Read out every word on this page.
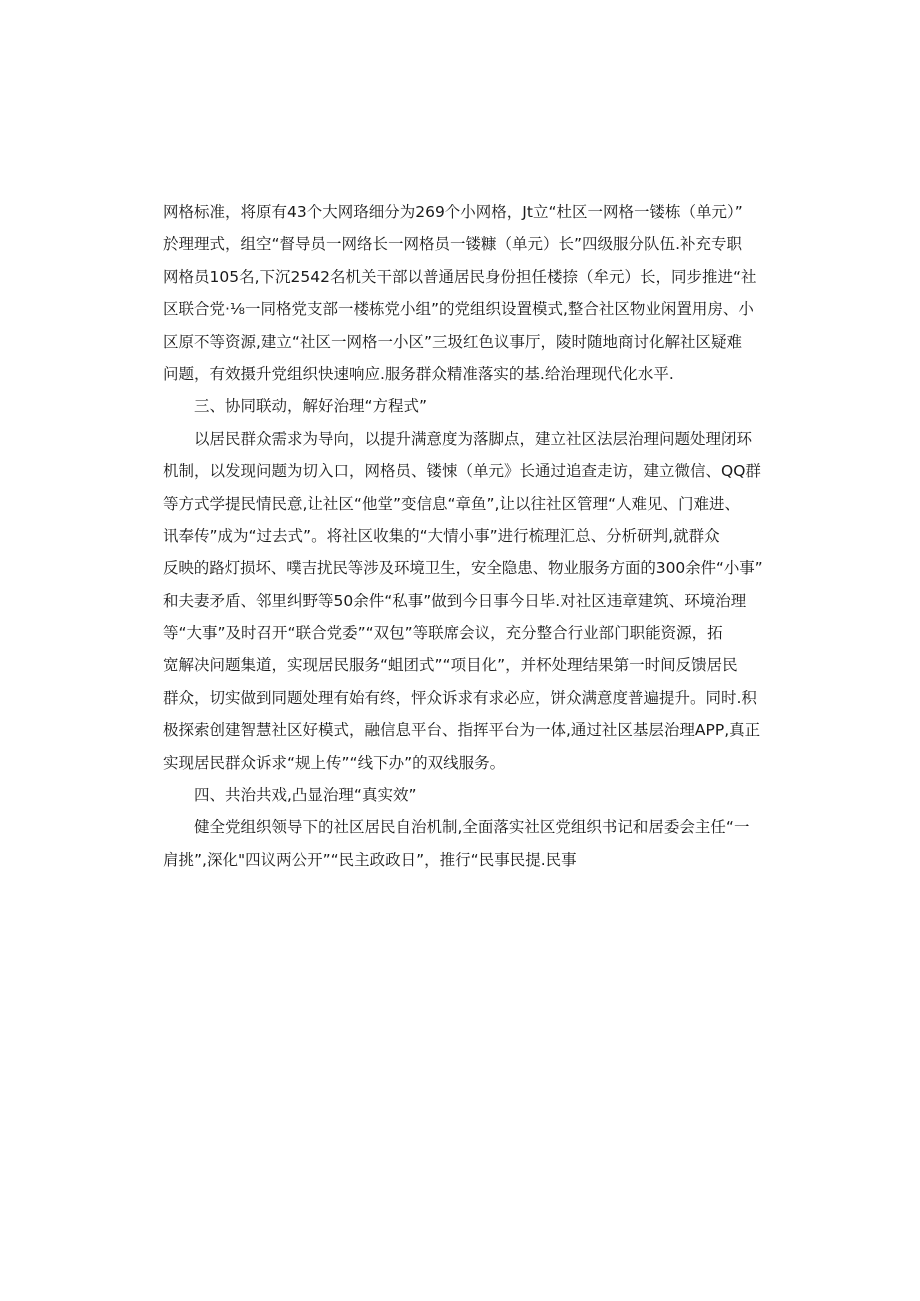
网格标准，将原有43个大网珞细分为269个小网格，Jt立“杜区一网格一镂栋（单元）”
於理理式，组空“督导员一网络长一网格员一镂糠（单元）长”四级服分队伍.补充专职
网格员105名,下沉2542名机关干部以普通居民身份担任楼捺（牟元）长，同步推进“社
区联合党·⅛一同格党支部一楼栋党小组”的党组织设置模式,整合社区物业闲置用房、小
区原不等资源,建立“社区一网格一小区”三圾红色议事厅，陵时随地商讨化解社区疑难
问题，有效摄升党组织快速响应.服务群众精准落实的基.给治理现代化水平.
三、协同联动，解好治理“方程式”
以居民群众需求为导向，以提升满意度为落脚点，建立社区法层治理问题处理闭环
机制，以发现问题为切入口，网格员、镂悚（单元》长通过追查走访，建立微信、QQ群
等方式学提民情民意,让社区“他堂”变信息“章鱼”,让以往社区管理“人难见、门难进、
讯奉传”成为“过去式”。将社区收集的“大情小事”进行梳理汇总、分析研判,就群众
反映的路灯损坏、噗吉扰民等涉及环境卫生，安全隐患、物业服务方面的300余件“小事”
和夫妻矛盾、邻里纠野等50余件“私事”做到今日事今日毕.对社区违章建筑、环境治理
等“大事”及时召开“联合党委”“双包”等联席会议，充分整合行业部门职能资源，拓
宽解决问题集道，实现居民服务“蛆团式”“项目化”，并杯处理结果第一时间反馈居民
群众，切实做到同题处理有始有终，怦众诉求有求必应，饼众满意度普遍提升。同时.积
极探索创建智慧社区好模式，融信息平台、指挥平台为一体,通过社区基层治理APP,真正
实现居民群众诉求“规上传”“线下办”的双线服务。
四、共治共戏,凸显治理“真实效”
健全党组织领导下的社区居民自治机制,全面落实社区党组织书记和居委会主任“一
肩挑”,深化"四议两公开”“民主政政日”，推行“民事民提.民事
